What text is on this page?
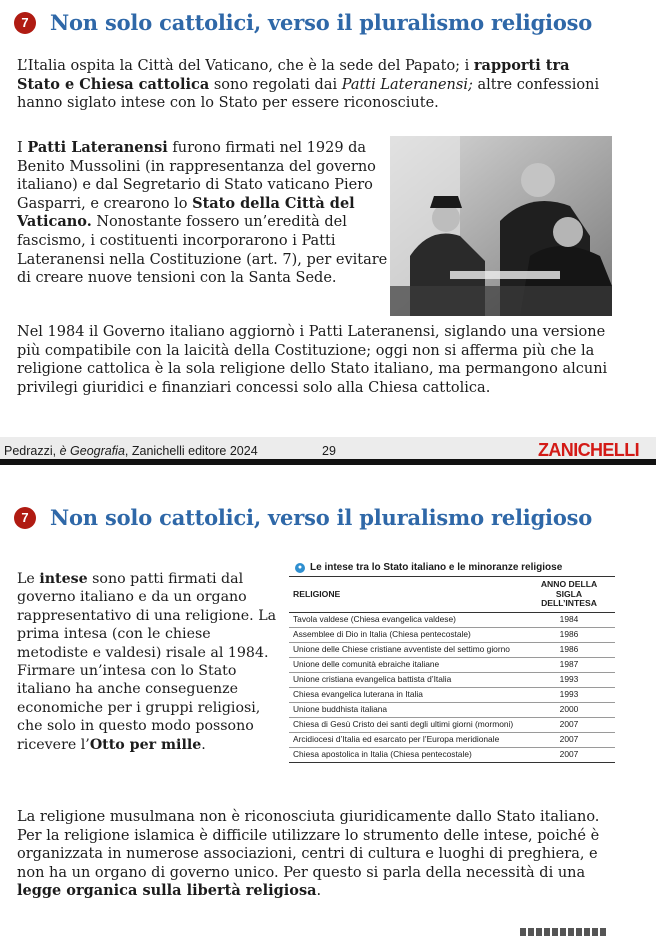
7	Non solo cattolici, verso il pluralismo religioso
L’Italia ospita la Città del Vaticano, che è la sede del Papato; i rapporti tra Stato e Chiesa cattolica sono regolati dai Patti Lateranensi; altre confessioni hanno siglato intese con lo Stato per essere riconosciute.
I Patti Lateranensi furono firmati nel 1929 da Benito Mussolini (in rappresentanza del governo italiano) e dal Segretario di Stato vaticano Piero Gasparri, e crearono lo Stato della Città del Vaticano. Nonostante fossero un’eredità del fascismo, i costituenti incorporarono i Patti Lateranensi nella Costituzione (art. 7), per evitare di creare nuove tensioni con la Santa Sede.
Nel 1984 il Governo italiano aggiornò i Patti Lateranensi, siglando una versione più compatibile con la laicità della Costituzione; oggi non si afferma più che la religione cattolica è la sola religione dello Stato italiano, ma permangono alcuni privilegi giuridici e finanziari concessi solo alla Chiesa cattolica.
Pedrazzi, è Geografia, Zanichelli editore 2024	29	ZANICHELLI
7	Non solo cattolici, verso il pluralismo religioso
Le intese sono patti firmati dal governo italiano e da un organo rappresentativo di una religione. La prima intesa (con le chiese metodiste e valdesi) risale al 1984. Firmare un’intesa con lo Stato italiano ha anche conseguenze economiche per i gruppi religiosi, che solo in questo modo possono ricevere l’Otto per mille.
● Le intese tra lo Stato italiano e le minoranze religiose
RELIGIONE	ANNO DELLA SIGLA DELL’INTESA
Tavola valdese (Chiesa evangelica valdese)	1984
Assemblee di Dio in Italia (Chiesa pentecostale)	1986
Unione delle Chiese cristiane avventiste del settimo giorno	1986
Unione delle comunità ebraiche italiane	1987
Unione cristiana evangelica battista d’Italia	1993
Chiesa evangelica luterana in Italia	1993
Unione buddhista italiana	2000
Chiesa di Gesù Cristo dei santi degli ultimi giorni (mormoni)	2007
Arcidiocesi d’Italia ed esarcato per l’Europa meridionale	2007
Chiesa apostolica in Italia (Chiesa pentecostale)	2007
La religione musulmana non è riconosciuta giuridicamente dallo Stato italiano. Per la religione islamica è difficile utilizzare lo strumento delle intese, poiché è organizzata in numerose associazioni, centri di cultura e luoghi di preghiera, e non ha un organo di governo unico. Per questo si parla della necessità di una legge organica sulla libertà religiosa.
